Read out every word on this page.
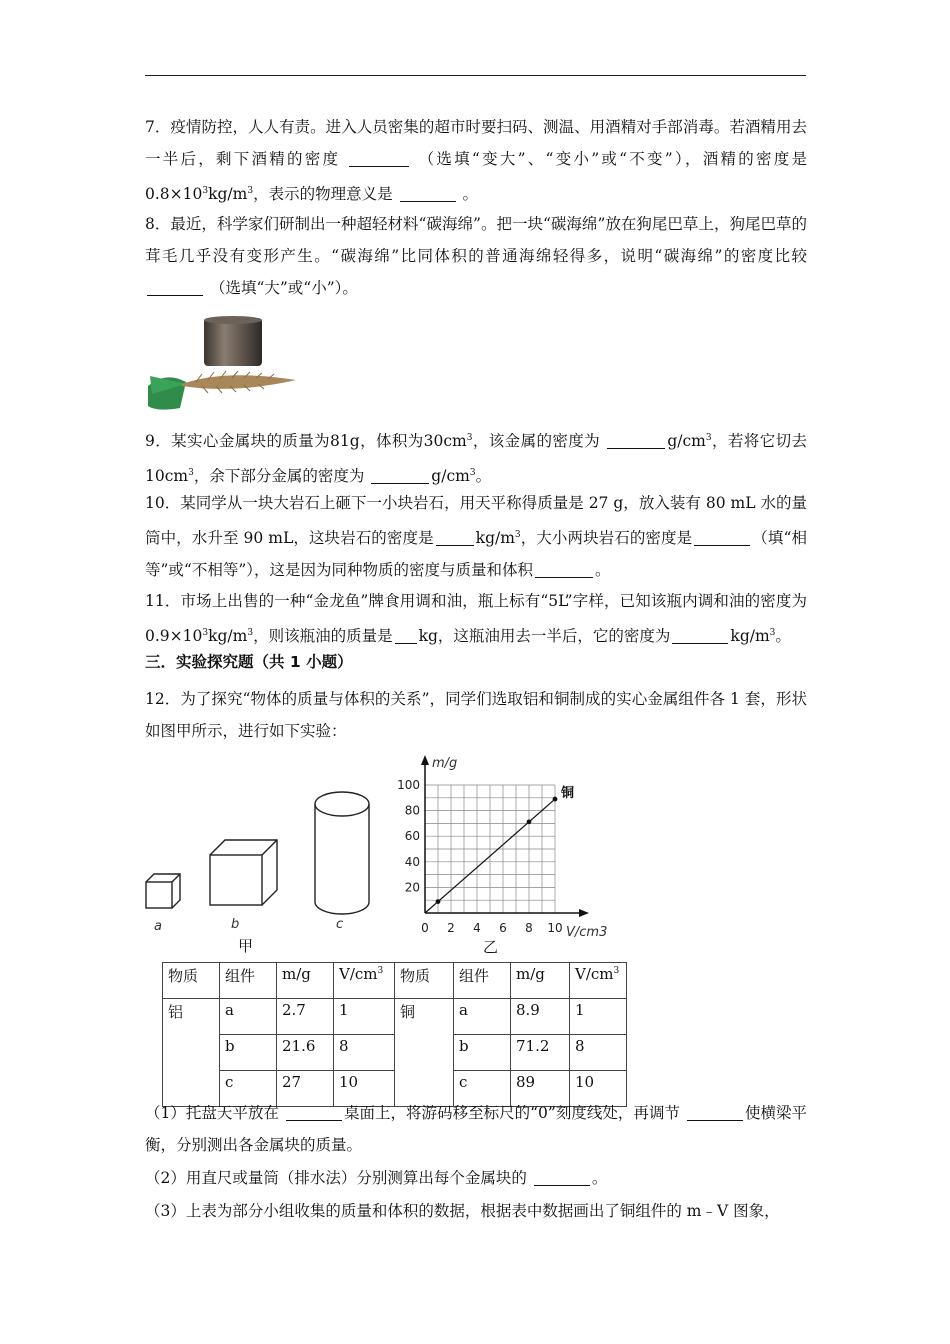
7．疫情防控，人人有责。进入人员密集的超市时要扫码、测温、用酒精对手部消毒。若酒精用去一半后，剩下酒精的密度	（选填“变大”、“变小”或“不变”），酒精的密度是$0.8\times 10^3kg/m^3$，表示的物理意义是	。

8．最近，科学家们研制出一种超轻材料“碳海绵”。把一块“碳海绵”放在狗尾巴草上，狗尾巴草的茸毛几乎没有变形产生。“碳海绵”比同体积的普通海绵轻得多，说明“碳海绵”的密度比较  （选填“大”或“小”）。

9．某实心金属块的质量为81g，体积为$30cm^3$，该金属的密度为	$g/cm^3$，若将它切去$10cm^3$，余下部分金属的密度为	$g/cm^3$。

10．某同学从一块大岩石上砸下一小块岩石，用天平称得质量是 27 g，放入装有 80 mL 水的量筒中，水升至 90 mL，这块岩石的密度是	$kg/m^3$，大小两块岩石的密度是	（填“相等”或“不相等”），这是因为同种物质的密度与质量和体积	。

11．市场上出售的一种“金龙鱼”牌食用调和油，瓶上标有“5L”字样，已知该瓶内调和油的密度为 $0.9\times 10^3kg/m^3$，则该瓶油的质量是 kg，这瓶油用去一半后，它的密度为	$kg/m^3$。

三．实验探究题（共 1 小题）

12．为了探究“物体的质量与体积的关系”，同学们选取铝和铜制成的实心金属组件各 1 套，形状如图甲所示，进行如下实验：

a	b	c
甲
0 2 4 6 8 10
20
40
60
80
100
铜
m/g
V/cm3
乙
物质	组件	m/g	$V/cm^3$	物质	组件	m/g	$V/cm^3$
铝	a	2.7	1	铜	a	8.9	1
	b	21.6	8		b	71.2	8
	c	27	10		c	89	10

（1）托盘天平放在	桌面上，将游码移至标尺的“0”刻度线处，再调节	使横梁平衡，分别测出各金属块的质量。

（2）用直尺或量筒（排水法）分别测算出每个金属块的	。

（3）上表为部分小组收集的质量和体积的数据，根据表中数据画出了铜组件的 m﹣V 图象，
